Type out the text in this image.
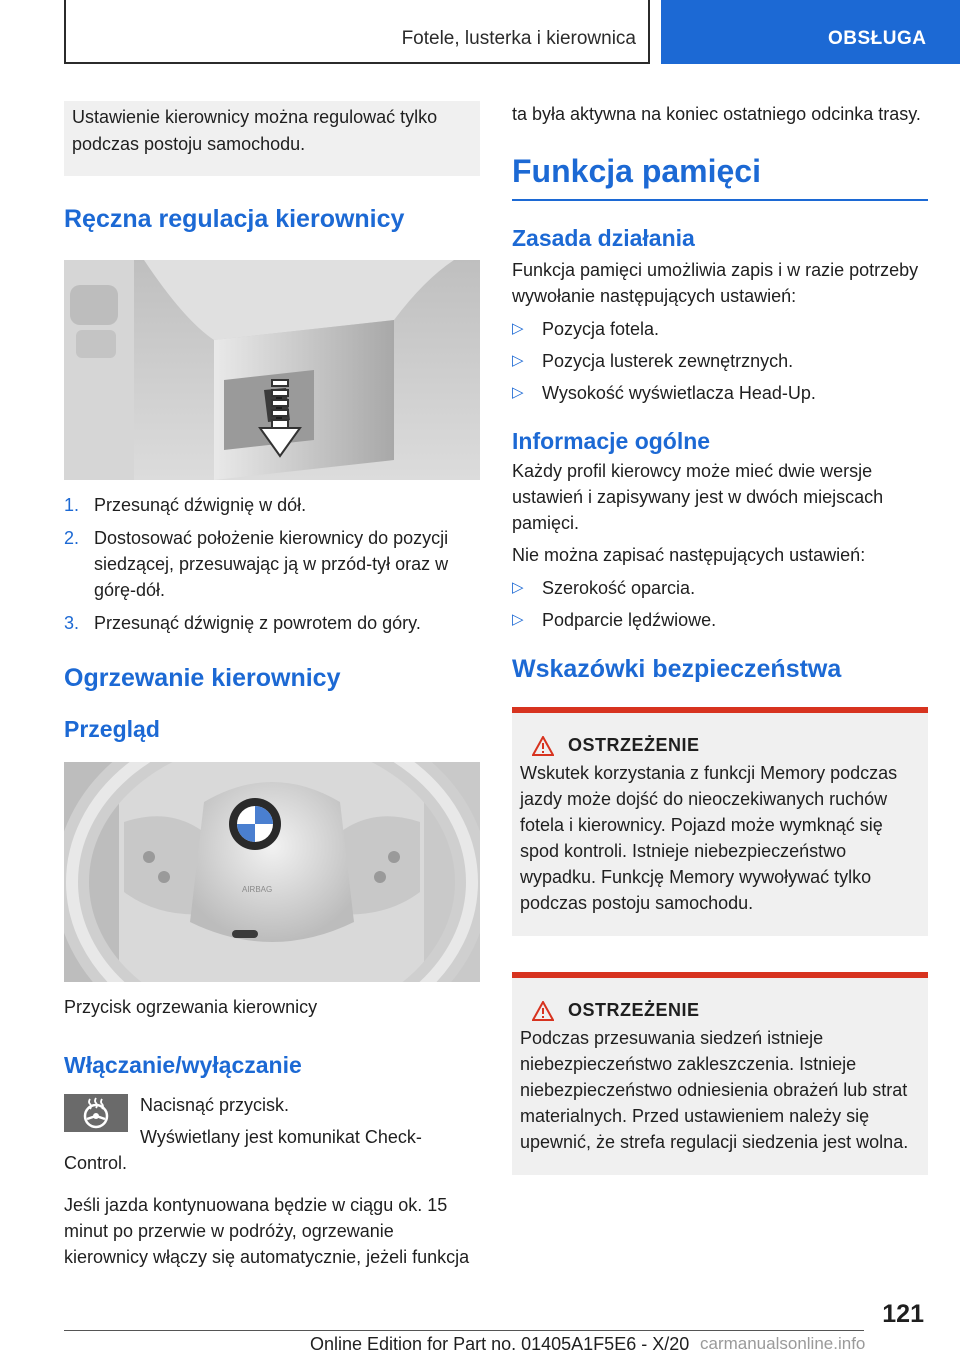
Fotele, lusterka i kierownica	OBSŁUGA
Ustawienie kierownicy można regulować tylko podczas postoju samochodu.
Ręczna regulacja kierownicy
1. Przesunąć dźwignię w dół.
2. Dostosować położenie kierownicy do pozycji siedzącej, przesuwając ją w przód-tył oraz w górę-dół.
3. Przesunąć dźwignię z powrotem do góry.
Ogrzewanie kierownicy
Przegląd
AIRBAG

Przycisk ogrzewania kierownicy

Włączanie/wyłączanie

Nacisnąć przycisk.

Wyświetlany jest komunikat Check-Control.

Jeśli jazda kontynuowana będzie w ciągu ok. 15 minut po przerwie w podróży, ogrzewanie kierownicy włączy się automatycznie, jeżeli funkcja

ta była aktywna na koniec ostatniego odcinka trasy.

Funkcja pamięci
Zasada działania

Funkcja pamięci umożliwia zapis i w razie potrzeby wywołanie następujących ustawień:

▷ Pozycja fotela.
▷ Pozycja lusterek zewnętrznych.
▷ Wysokość wyświetlacza Head-Up.
Informacje ogólne

Każdy profil kierowcy może mieć dwie wersje ustawień i zapisywany jest w dwóch miejscach pamięci.

Nie można zapisać następujących ustawień:

▷ Szerokość oparcia.
▷ Podparcie lędźwiowe.
Wskazówki bezpieczeństwa
OSTRZEŻENIE

Wskutek korzystania z funkcji Memory podczas jazdy może dojść do nieoczekiwanych ruchów fotela i kierownicy. Pojazd może wymknąć się spod kontroli. Istnieje niebezpieczeństwo wypadku. Funkcję Memory wywoływać tylko podczas postoju samochodu.

OSTRZEŻENIE

Podczas przesuwania siedzeń istnieje niebezpieczeństwo zakleszczenia. Istnieje niebezpieczeństwo odniesienia obrażeń lub strat materialnych. Przed ustawieniem należy się upewnić, że strefa regulacji siedzenia jest wolna.

121
Online Edition for Part no. 01405A1F5E6 - X/20 carmanualsonline.info
